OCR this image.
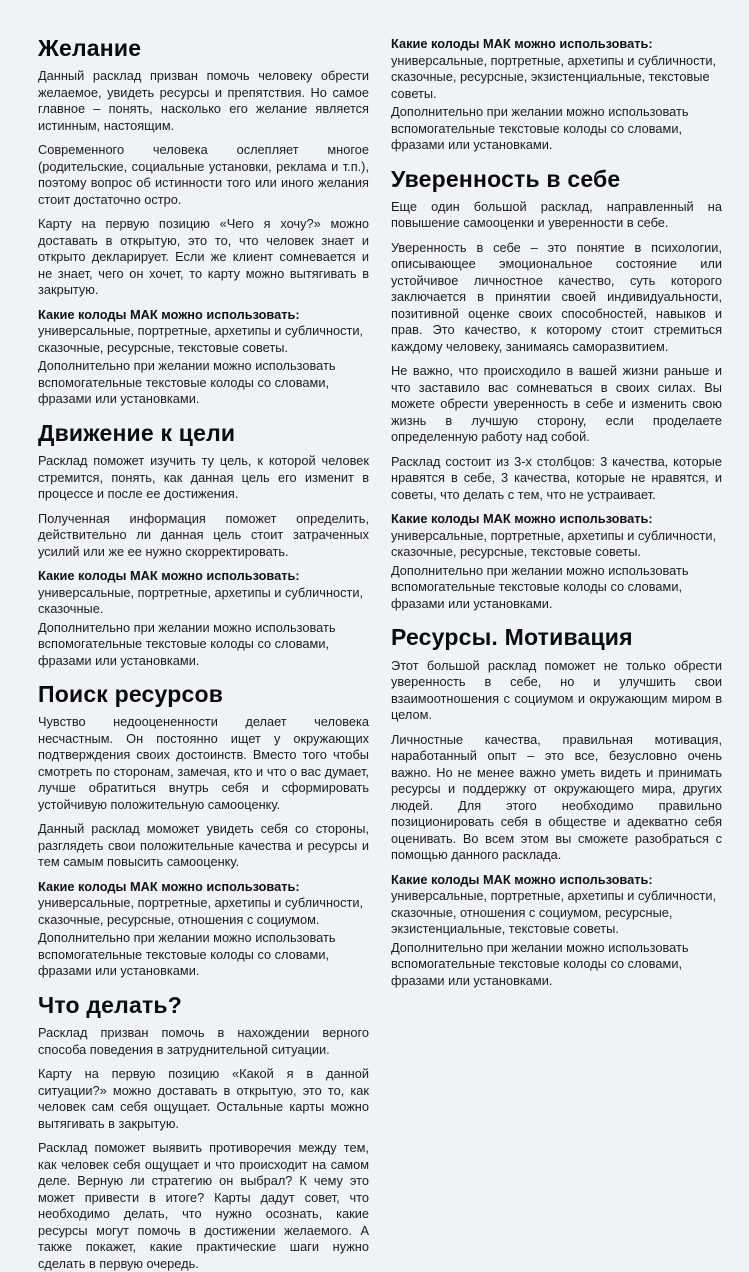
Желание

Данный расклад призван помочь человеку обрести желаемое, увидеть ресурсы и препятствия. Но самое главное – понять, насколько его желание является истинным, настоящим.

Современного человека ослепляет многое (родительские, социальные установки, реклама и т.п.), поэтому вопрос об истинности того или иного желания стоит достаточно остро.

Карту на первую позицию «Чего я хочу?» можно доставать в открытую, это то, что человек знает и открыто декларирует. Если же клиент сомневается и не знает, чего он хочет, то карту можно вытягивать в закрытую.

Какие колоды МАК можно использовать:

универсальные, портретные, архетипы и субличности, сказочные, ресурсные, текстовые советы.

Дополнительно при желании можно использовать вспомогательные текстовые колоды со словами, фразами или установками.

Движение к цели

Расклад поможет изучить ту цель, к которой человек стремится, понять, как данная цель его изменит в процессе и после ее достижения.

Полученная информация поможет определить, действительно ли данная цель стоит затраченных усилий или же ее нужно скорректировать.

Какие колоды МАК можно использовать:

универсальные, портретные, архетипы и субличности, сказочные.

Дополнительно при желании можно использовать вспомогательные текстовые колоды со словами, фразами или установками.

Поиск ресурсов

Чувство недооцененности делает человека несчастным. Он постоянно ищет у окружающих подтверждения своих достоинств. Вместо того чтобы смотреть по сторонам, замечая, кто и что о вас думает, лучше обратиться внутрь себя и сформировать устойчивую положительную самооценку.

Данный расклад моможет увидеть себя со стороны, разглядеть свои положительные качества и ресурсы и тем самым повысить самооценку.

Какие колоды МАК можно использовать:

универсальные, портретные, архетипы и субличности, сказочные, ресурсные, отношения с социумом.

Дополнительно при желании можно использовать вспомогательные текстовые колоды со словами, фразами или установками.

Что делать?

Расклад призван помочь в нахождении верного способа поведения в затруднительной ситуации.

Карту на первую позицию «Какой я в данной ситуации?» можно доставать в открытую, это то, как человек сам себя ощущает. Остальные карты можно вытягивать в закрытую.

Расклад поможет выявить противоречия между тем, как человек себя ощущает и что происходит на самом деле. Верную ли стратегию он выбрал? К чему это может привести в итоге? Карты дадут совет, что необходимо делать, что нужно осознать, какие ресурсы могут помочь в достижении желаемого. А также покажет, какие практические шаги нужно сделать в первую очередь.

Какие колоды МАК можно использовать:

универсальные, портретные, архетипы и субличности, сказочные, ресурсные, экзистенциальные, текстовые советы.

Дополнительно при желании можно использовать вспомогательные текстовые колоды со словами, фразами или установками.

Уверенность в себе

Еще один большой расклад, направленный на повышение самооценки и уверенности в себе.

Уверенность в себе – это понятие в психологии, описывающее эмоциональное состояние или устойчивое личностное качество, суть которого заключается в принятии своей индивидуальности, позитивной оценке своих способностей, навыков и прав. Это качество, к которому стоит стремиться каждому человеку, занимаясь саморазвитием.

Не важно, что происходило в вашей жизни раньше и что заставило вас сомневаться в своих силах. Вы можете обрести уверенность в себе и изменить свою жизнь в лучшую сторону, если проделаете определенную работу над собой.

Расклад состоит из 3-х столбцов: 3 качества, которые нравятся в себе, 3 качества, которые не нравятся, и советы, что делать с тем, что не устраивает.

Какие колоды МАК можно использовать:

универсальные, портретные, архетипы и субличности, сказочные, ресурсные, текстовые советы.

Дополнительно при желании можно использовать вспомогательные текстовые колоды со словами, фразами или установками.

Ресурсы. Мотивация

Этот большой расклад поможет не только обрести уверенность в себе, но и улучшить свои взаимоотношения с социумом и окружающим миром в целом.

Личностные качества, правильная мотивация, наработанный опыт – это все, безусловно очень важно. Но не менее важно уметь видеть и принимать ресурсы и поддержку от окружающего мира, других людей. Для этого необходимо правильно позиционировать себя в обществе и адекватно себя оценивать. Во всем этом вы сможете разобраться с помощью данного расклада.

Какие колоды МАК можно использовать:

универсальные, портретные, архетипы и субличности, сказочные, отношения с социумом, ресурсные, экзистенциальные, текстовые советы.

Дополнительно при желании можно использовать вспомогательные текстовые колоды со словами, фразами или установками.
